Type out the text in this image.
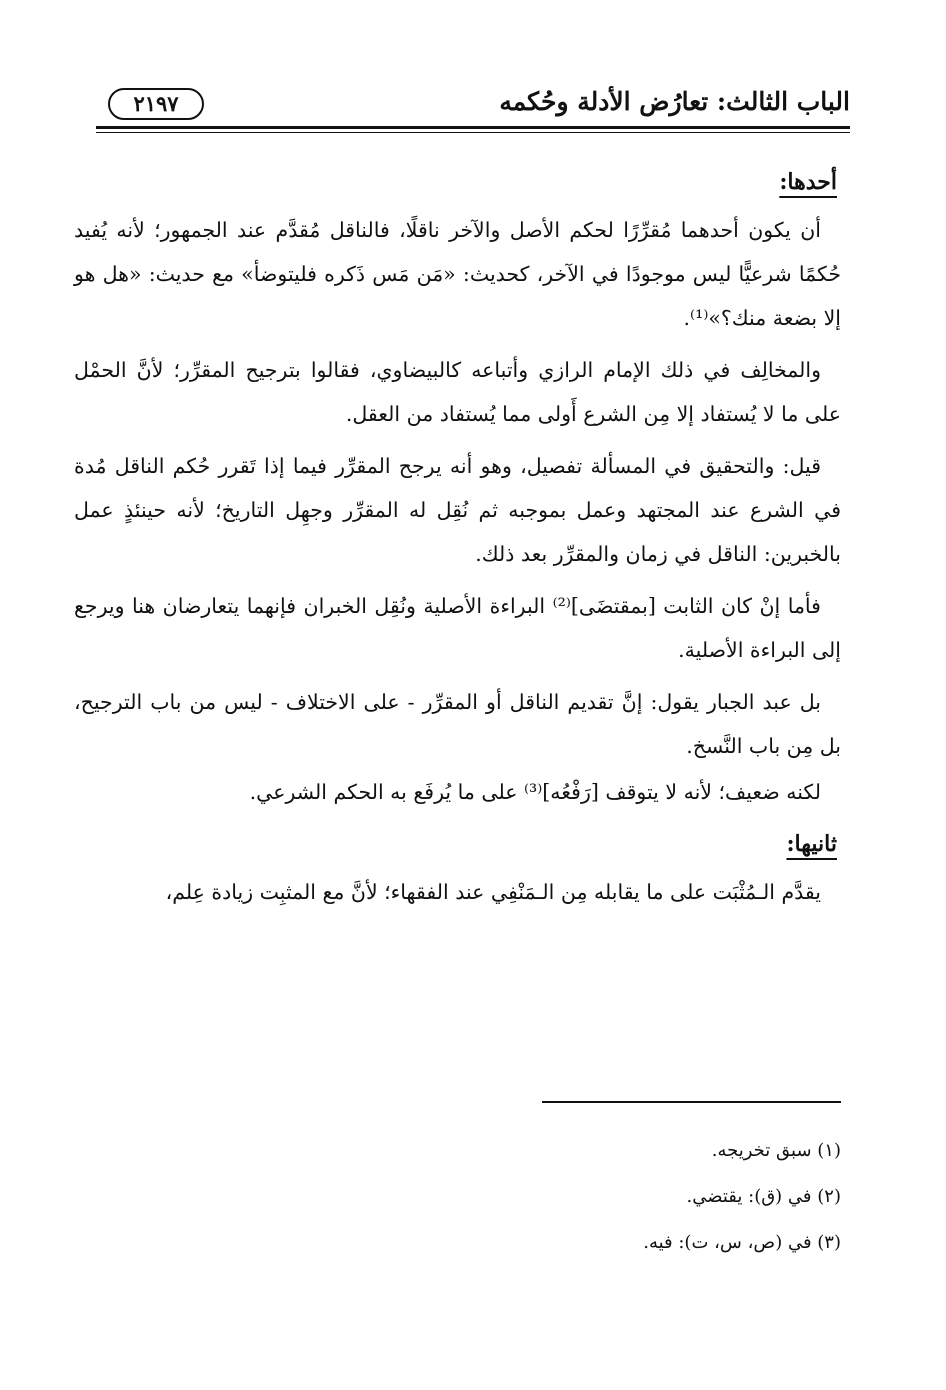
الباب الثالث: تعارُض الأدلة وحُكمه
٢١٩٧
أحدها:

أن يكون أحدهما مُقرِّرًا لحكم الأصل والآخر ناقلًا، فالناقل مُقدَّم عند الجمهور؛ لأنه يُفيد حُكمًا شرعيًّا ليس موجودًا في الآخر، كحديث: «مَن مَس ذَكره فليتوضأ» مع حديث: «هل هو إلا بضعة منك؟»⁽¹⁾.

والمخالِف في ذلك الإمام الرازي وأتباعه كالبيضاوي، فقالوا بترجيح المقرِّر؛ لأنَّ الحمْل على ما لا يُستفاد إلا مِن الشرع أَولى مما يُستفاد من العقل.

قيل: والتحقيق في المسألة تفصيل، وهو أنه يرجح المقرِّر فيما إذا تَقرر حُكم الناقل مُدة في الشرع عند المجتهد وعمل بموجبه ثم نُقِل له المقرِّر وجهِل التاريخ؛ لأنه حينئذٍ عمل بالخبرين: الناقل في زمان والمقرِّر بعد ذلك.

فأما إنْ كان الثابت [بمقتضَى]⁽²⁾ البراءة الأصلية ونُقِل الخبران فإنهما يتعارضان هنا ويرجع إلى البراءة الأصلية.

بل عبد الجبار يقول: إنَّ تقديم الناقل أو المقرِّر - على الاختلاف - ليس من باب الترجيح، بل مِن باب النَّسخ.

لكنه ضعيف؛ لأنه لا يتوقف [رَفْعُه]⁽³⁾ على ما يُرفَع به الحكم الشرعي.

ثانيها:

يقدَّم الـمُثْبَت على ما يقابله مِن الـمَنْفِي عند الفقهاء؛ لأنَّ مع المثبِت زيادة عِلم،

(١) سبق تخريجه.

(٢) في (ق): يقتضي.

(٣) في (ص، س، ت): فيه.
